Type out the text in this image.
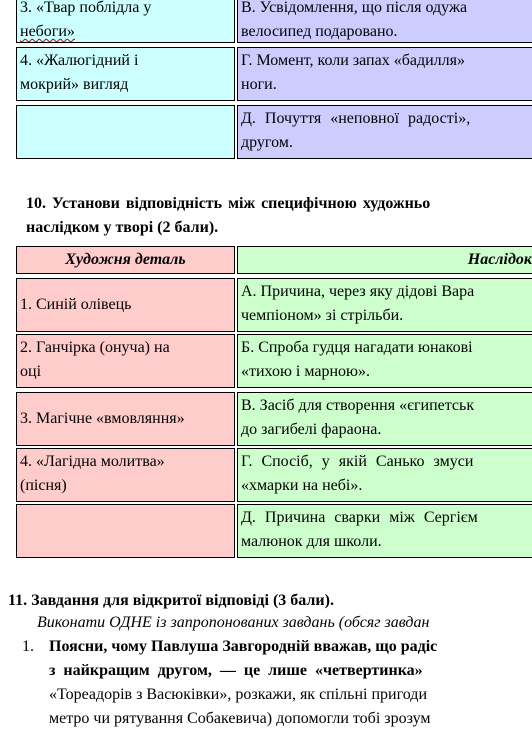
3. «Твар поблідла у
небоги»
В. Усвідомлення, що після одужа
велосипед подаровано.
4. «Жалюгідний і
мокрий» вигляд
Г. Момент, коли запах «бадилля»
ноги.
Д. Почуття «неповної радості»,
другом.
10. Установи відповідність між специфічною художньо
наслідком у творі (2 бали).
Художня деталь	Наслідок
1. Синій олівець
А. Причина, через яку дідові Вара
чемпіоном» зі стрільби.
2. Ганчірка (онуча) на
оці
Б. Спроба гудця нагадати юнакові
«тихою і марною».
3. Магічне «вмовляння»
В. Засіб для створення «єгипетськ
до загибелі фараона.
4. «Лагідна молитва»
(пісня)
Г. Спосіб, у якій Санько змуси
«хмарки на небі».
Д. Причина сварки між Сергієм
малюнок для школи.
11. Завдання для відкритої відповіді (3 бали).
Виконати ОДНЕ із запропонованих завдань (обсяг завдан
1. Поясни, чому Павлуша Завгородній вважав, що радіс
з найкращим другом, — це лише «четвертинка»
«Тореадорів з Васюківки», розкажи, як спільні пригоди
метро чи рятування Собакевича) допомогли тобі зрозум
